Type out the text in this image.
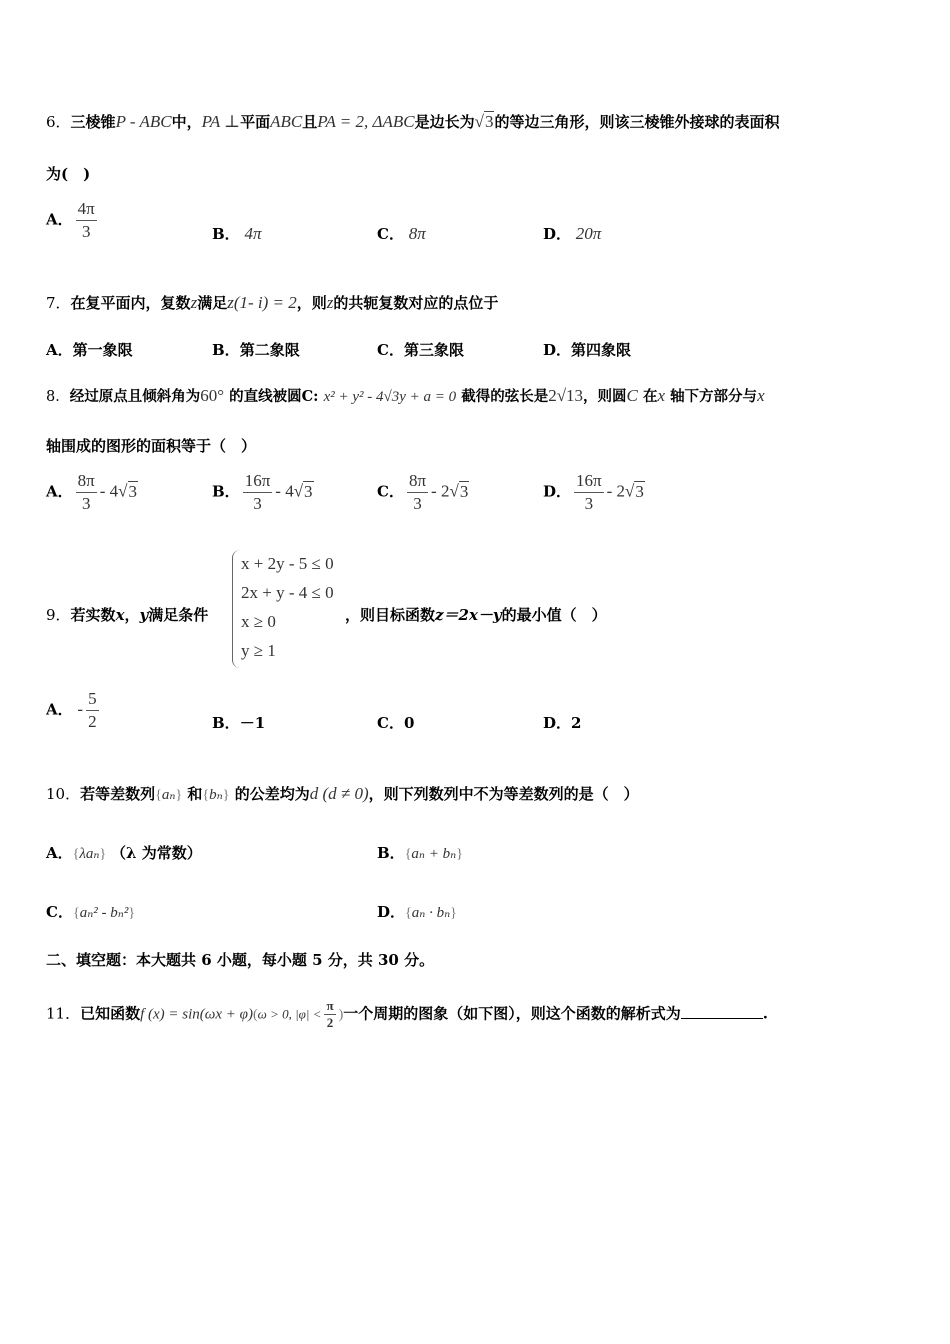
6．三棱锥P - ABC中，PA ⊥平面ABC且PA = 2, ΔABC是边长为√3的等边三角形，则该三棱锥外接球的表面积
为(　)
A． $\frac{4\pi}{3}$	B． 4π	C． 8π	D． 20π
7．在复平面内，复数z满足z(1- i) = 2，则z的共轭复数对应的点位于
A．第一象限	B．第二象限	C．第三象限	D．第四象限
8．经过原点且倾斜角为60° 的直线被圆C: x² + y² - 4√3y + a = 0 截得的弦长是2√13，则圆C 在x 轴下方部分与x
轴围成的图形的面积等于（　）
A． $\frac{8\pi}{3} - 4√3$	B． $\frac{16\pi}{3} - 4√3$	C． $\frac{8\pi}{3} - 2√3$	D． $\frac{16\pi}{3} - 2√3$
9．若实数x，y满足条件
x + 2y - 5 ≤ 0
2x + y - 4 ≤ 0
x ≥ 0
y ≥ 1
，则目标函数z＝2x－y的最小值（　）
A． - $\frac{5}{2}$	B．－1	C．0	D．2
10．若等差数列{aₙ} 和{bₙ} 的公差均为d (d ≠ 0)，则下列数列中不为等差数列的是（　）
A．{λaₙ} （λ 为常数）	B．{aₙ + bₙ}
C．{aₙ² - bₙ²}	D．{aₙ · bₙ}
二、填空题：本大题共 6 小题，每小题 5 分，共 30 分。
11．已知函数f (x) = sin(ωx + φ)(ω > 0, $|\varphi| < \frac{\pi}{2}$ )一个周期的图象（如下图），则这个函数的解析式为	.
